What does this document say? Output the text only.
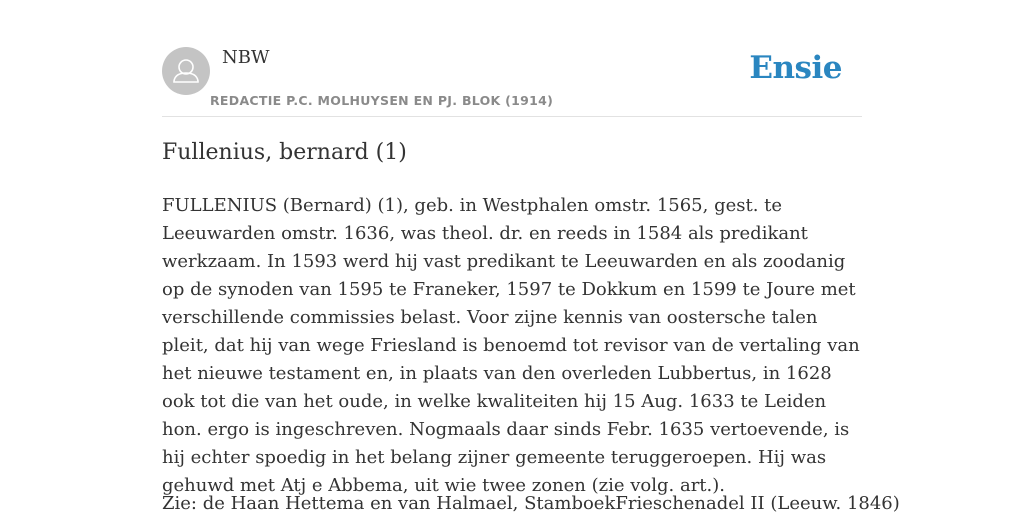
NBW
REDACTIE P.C. MOLHUYSEN EN PJ. BLOK (1914)
Ensie
Fullenius, bernard (1)

FULLENIUS (Bernard) (1), geb. in Westphalen omstr. 1565, gest. te Leeuwarden omstr. 1636, was theol. dr. en reeds in 1584 als predikant werkzaam. In 1593 werd hij vast predikant te Leeuwarden en als zoodanig op de synoden van 1595 te Franeker, 1597 te Dokkum en 1599 te Joure met verschillende commissies belast. Voor zijne kennis van oostersche talen pleit, dat hij van wege Friesland is benoemd tot revisor van de vertaling van het nieuwe testament en, in plaats van den overleden Lubbertus, in 1628 ook tot die van het oude, in welke kwaliteiten hij 15 Aug. 1633 te Leiden hon. ergo is ingeschreven. Nogmaals daar sinds Febr. 1635 vertoevende, is hij echter spoedig in het belang zijner gemeente teruggeroepen. Hij was gehuwd met Atj e Abbema, uit wie twee zonen (zie volg. art.).

Zie: de Haan Hettema en van Halmael, StamboekFrieschenadel II (Leeuw. 1846)
